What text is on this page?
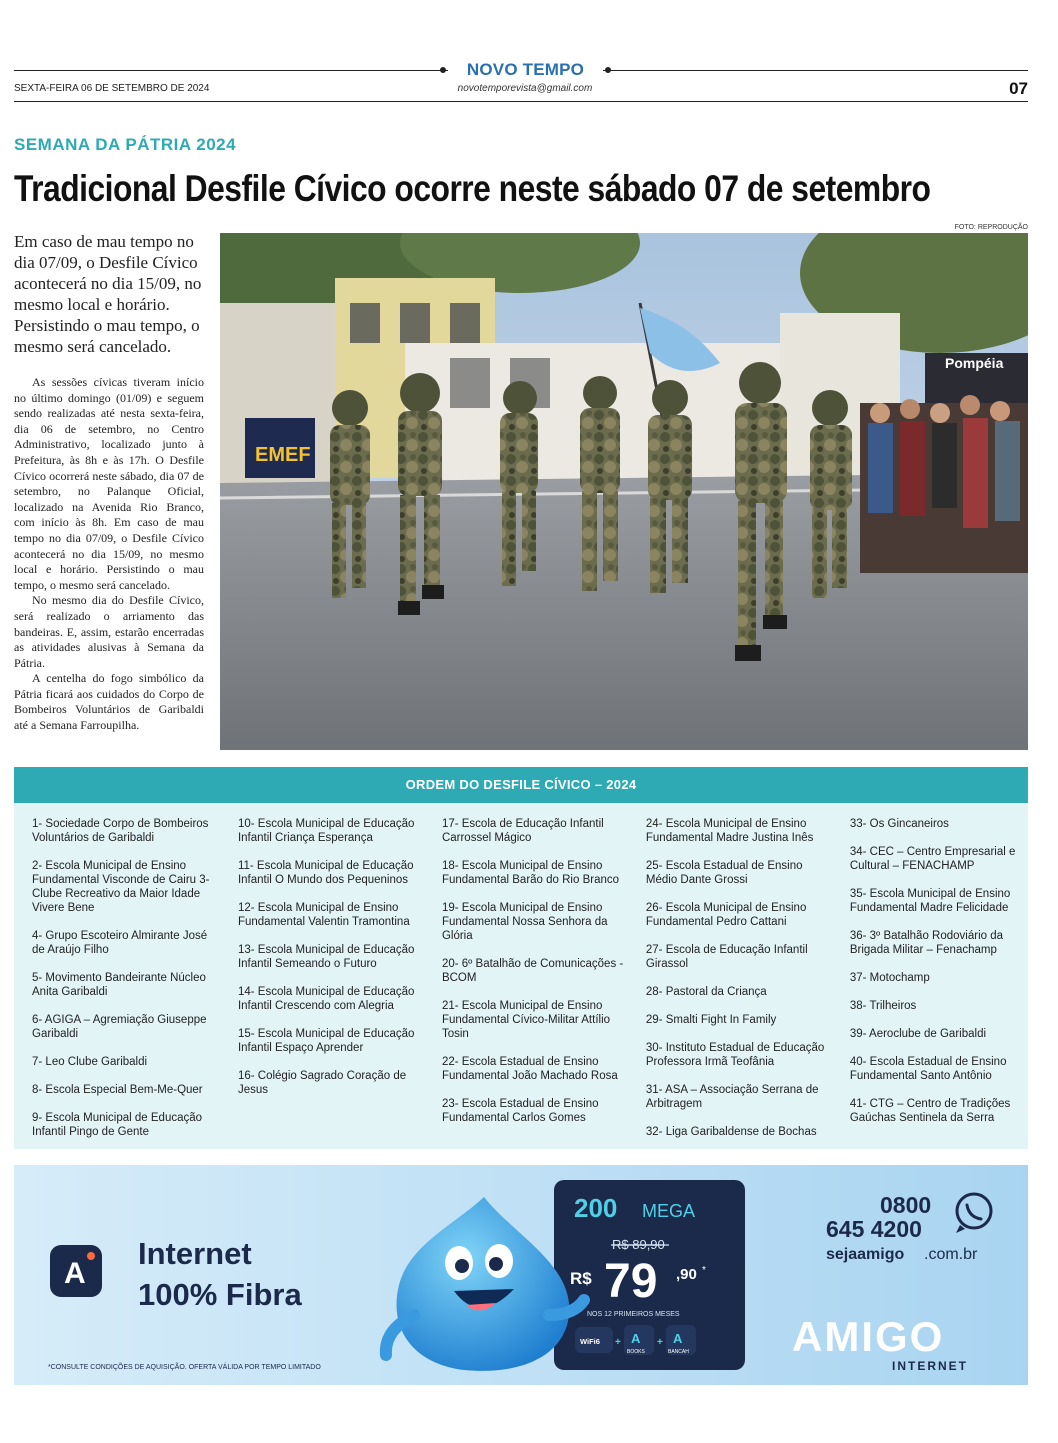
NOVO TEMPO
novotemporevista@gmail.com
SEXTA-FEIRA 06 DE SETEMBRO DE 2024	07
SEMANA DA PÁTRIA 2024
Tradicional Desfile Cívico ocorre neste sábado 07 de setembro
FOTO: REPRODUÇÃO
Em caso de mau tempo no dia 07/09, o Desfile Cívico acontecerá no dia 15/09, no mesmo local e horário. Persistindo o mau tempo, o mesmo será cancelado.

As sessões cívicas tiveram início no último domingo (01/09) e seguem sendo realizadas até nesta sexta-feira, dia 06 de setembro, no Centro Administrativo, localizado junto à Prefeitura, às 8h e às 17h. O Desfile Cívico ocorrerá neste sábado, dia 07 de setembro, no Palanque Oficial, localizado na Avenida Rio Branco, com início às 8h. Em caso de mau tempo no dia 07/09, o Desfile Cívico acontecerá no dia 15/09, no mesmo local e horário. Persistindo o mau tempo, o mesmo será cancelado.

No mesmo dia do Desfile Cívico, será realizado o arriamento das bandeiras. E, assim, estarão encerradas as atividades alusivas à Semana da Pátria.

A centelha do fogo simbólico da Pátria ficará aos cuidados do Corpo de Bombeiros Voluntários de Garibaldi até a Semana Farroupilha.

Pompéia
EMEF
ORDEM DO DESFILE CÍVICO – 2024
1- Sociedade Corpo de Bombeiros Voluntários de Garibaldi
2- Escola Municipal de Ensino Fundamental Visconde de Cairu 3- Clube Recreativo da Maior Idade Vivere Bene
4- Grupo Escoteiro Almirante José de Araújo Filho
5- Movimento Bandeirante Núcleo Anita Garibaldi
6- AGIGA – Agremiação Giuseppe Garibaldi
7- Leo Clube Garibaldi
8- Escola Especial Bem-Me-Quer
9- Escola Municipal de Educação Infantil Pingo de Gente
10- Escola Municipal de Educação Infantil Criança Esperança
11- Escola Municipal de Educação Infantil O Mundo dos Pequeninos
12- Escola Municipal de Ensino Fundamental Valentin Tramontina
13- Escola Municipal de Educação Infantil Semeando o Futuro
14- Escola Municipal de Educação Infantil Crescendo com Alegria
15- Escola Municipal de Educação Infantil Espaço Aprender
16- Colégio Sagrado Coração de Jesus
17- Escola de Educação Infantil Carrossel Mágico
18- Escola Municipal de Ensino Fundamental Barão do Rio Branco
19- Escola Municipal de Ensino Fundamental Nossa Senhora da Glória
20- 6º Batalhão de Comunicações - BCOM
21- Escola Municipal de Ensino Fundamental Cívico-Militar Attílio Tosin
22- Escola Estadual de Ensino Fundamental João Machado Rosa
23- Escola Estadual de Ensino Fundamental Carlos Gomes
24- Escola Municipal de Ensino Fundamental Madre Justina Inês
25- Escola Estadual de Ensino Médio Dante Grossi
26- Escola Municipal de Ensino Fundamental Pedro Cattani
27- Escola de Educação Infantil Girassol
28- Pastoral da Criança
29- Smalti Fight In Family
30- Instituto Estadual de Educação Professora Irmã Teofânia
31- ASA – Associação Serrana de Arbitragem
32- Liga Garibaldense de Bochas
33- Os Gincaneiros
34- CEC – Centro Empresarial e Cultural – FENACHAMP
35- Escola Municipal de Ensino Fundamental Madre Felicidade
36- 3º Batalhão Rodoviário da Brigada Militar – Fenachamp
37- Motochamp
38- Trilheiros
39- Aeroclube de Garibaldi
40- Escola Estadual de Ensino Fundamental Santo Antônio
41- CTG – Centro de Tradições Gaúchas Sentinela da Serra
A
Internet
100% Fibra
*CONSULTE CONDIÇÕES DE AQUISIÇÃO. OFERTA VÁLIDA POR TEMPO LIMITADO
200 MEGA
R$ 89,90
R$ 79 ,90 *
NOS 12 PRIMEIROS MESES
WiFi6 + A
BOOKS
+ A
BANCAH
0800
645 4200
sejaamigo .com.br
AMIGO
INTERNET
